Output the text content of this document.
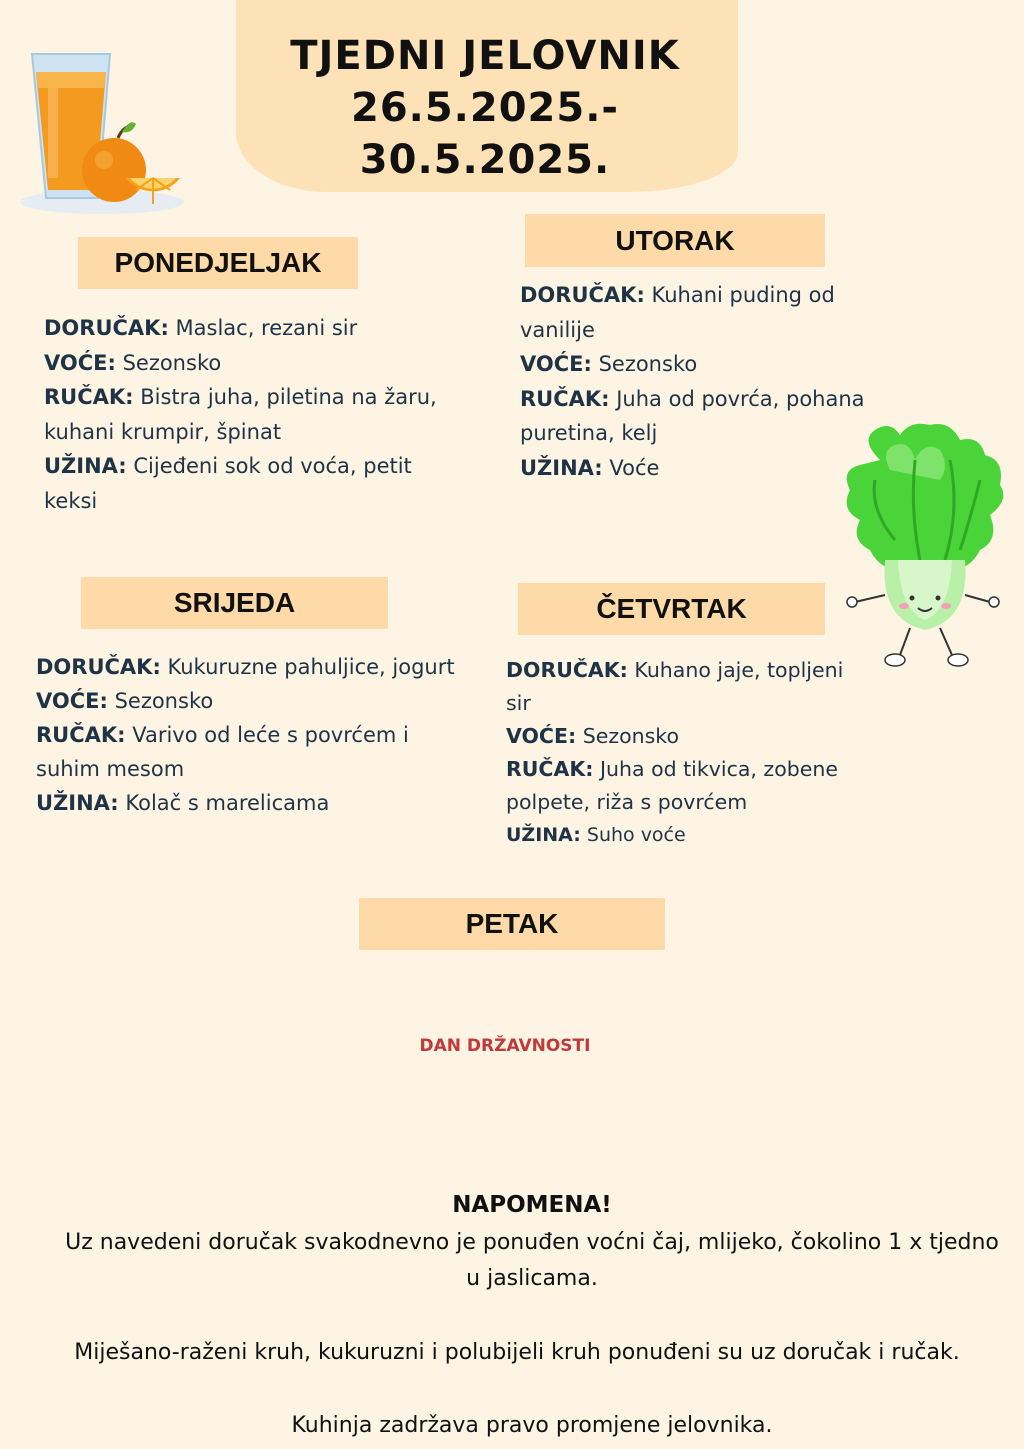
TJEDNI JELOVNIK
26.5.2025.- 30.5.2025.
PONEDJELJAK
DORUČAK: Maslac, rezani sir
VOĆE: Sezonsko
RUČAK: Bistra juha, piletina na žaru, kuhani krumpir, špinat
UŽINA: Cijeđeni sok od voća, petit keksi
UTORAK
DORUČAK: Kuhani puding od vanilije
VOĆE: Sezonsko
RUČAK: Juha od povrća, pohana puretina, kelj
UŽINA: Voće
SRIJEDA
DORUČAK: Kukuruzne pahuljice, jogurt
VOĆE: Sezonsko
RUČAK: Varivo od leće s povrćem i suhim mesom
UŽINA: Kolač s marelicama
ČETVRTAK
DORUČAK: Kuhano jaje, topljeni sir
VOĆE: Sezonsko
RUČAK: Juha od tikvica, zobene polpete, riža s povrćem
UŽINA: Suho voće
PETAK
DAN DRŽAVNOSTI
NAPOMENA!
Uz navedeni doručak svakodnevno je ponuđen voćni čaj, mlijeko, čokolino 1 x tjedno u jaslicama.
Miješano-raženi kruh, kukuruzni i polubijeli kruh ponuđeni su uz doručak i ručak.
Kuhinja zadržava pravo promjene jelovnika.
